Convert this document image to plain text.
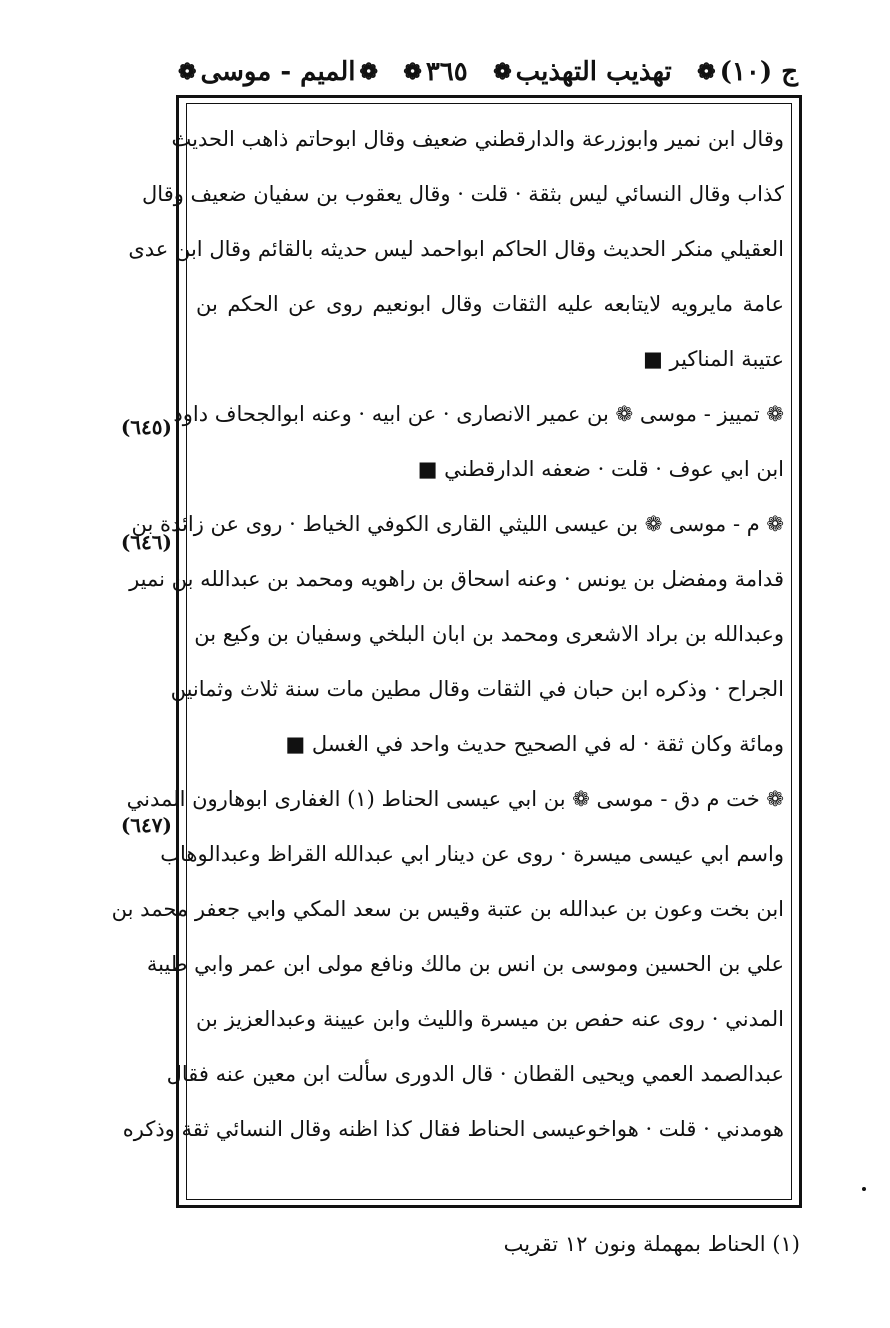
ج (١٠)
❁
تهذيب التهذيب
❁
٣٦٥
❁
❁
الميم - موسى
❁
وقال ابن نمير وابوزرعة والدارقطني ضعيف وقال ابوحاتم ذاهب الحديث
كذاب وقال النسائي ليس بثقة · قلت · وقال يعقوب بن سفيان ضعيف وقال
العقيلي منكر الحديث وقال الحاكم ابواحمد ليس حديثه بالقائم وقال ابن عدى
عامة مايرويه لايتابعه عليه الثقات وقال ابونعيم روى عن الحكم بن
عتيبة المناكير ■
❁ تمييز - موسى ❁ بن عمير الانصارى · عن ابيه · وعنه ابوالجحاف داود
ابن ابي عوف · قلت · ضعفه الدارقطني ■
❁ م - موسى ❁ بن عيسى الليثي القارى الكوفي الخياط · روى عن زائدة بن
قدامة ومفضل بن يونس · وعنه اسحاق بن راهويه ومحمد بن عبدالله بن نمير
وعبدالله بن براد الاشعرى ومحمد بن ابان البلخي وسفيان بن وكيع بن
الجراح · وذكره ابن حبان في الثقات وقال مطين مات سنة ثلاث وثمانين
ومائة وكان ثقة · له في الصحيح حديث واحد في الغسل ■
❁ خت م دق - موسى ❁ بن ابي عيسى الحناط (١) الغفارى ابوهارون المدني
واسم ابي عيسى ميسرة · روى عن دينار ابي عبدالله القراظ وعبدالوهاب
ابن بخت وعون بن عبدالله بن عتبة وقيس بن سعد المكي وابي جعفر محمد بن
علي بن الحسين وموسى بن انس بن مالك ونافع مولى ابن عمر وابي طيبة
المدني · روى عنه حفص بن ميسرة والليث وابن عيينة وعبدالعزيز بن
عبدالصمد العمي ويحيى القطان · قال الدورى سألت ابن معين عنه فقال
هومدني · قلت · هواخوعيسى الحناط فقال كذا اظنه وقال النسائي ثقة وذكره
(٦٤٥)
(٦٤٦)
(٦٤٧)
(١) الحناط بمهملة ونون ١٢ تقريب
